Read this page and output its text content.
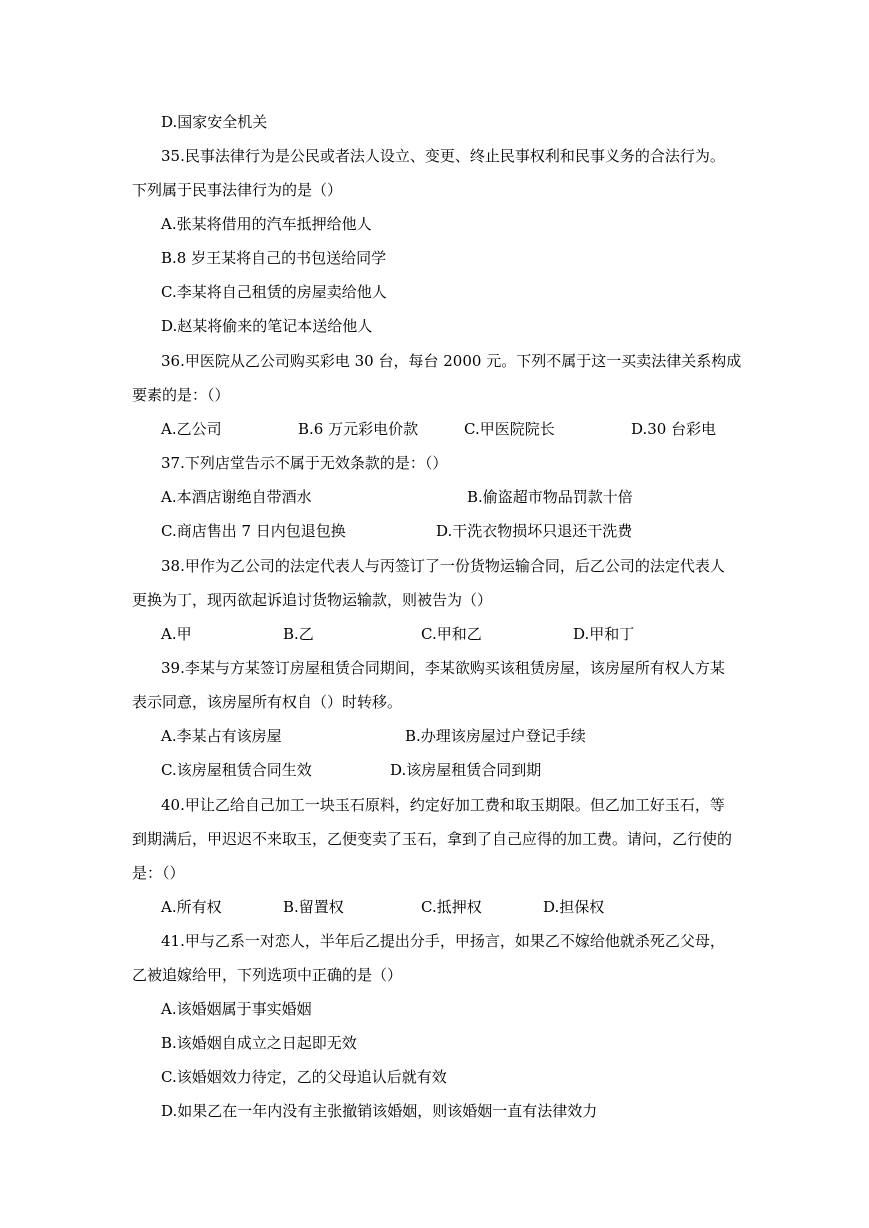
D.国家安全机关
35.民事法律行为是公民或者法人设立、变更、终止民事权利和民事义务的合法行为。
下列属于民事法律行为的是（）
A.张某将借用的汽车抵押给他人
B.8 岁王某将自己的书包送给同学
C.李某将自己租赁的房屋卖给他人
D.赵某将偷来的笔记本送给他人
36.甲医院从乙公司购买彩电 30 台，每台 2000 元。下列不属于这一买卖法律关系构成
要素的是：（）
A.乙公司	B.6 万元彩电价款	C.甲医院院长	D.30 台彩电
37.下列店堂告示不属于无效条款的是：（）
A.本酒店谢绝自带酒水	B.偷盗超市物品罚款十倍
C.商店售出 7 日内包退包换	D.干洗衣物损坏只退还干洗费
38.甲作为乙公司的法定代表人与丙签订了一份货物运输合同，后乙公司的法定代表人
更换为丁，现丙欲起诉追讨货物运输款，则被告为（）
A.甲	B.乙	C.甲和乙	D.甲和丁
39.李某与方某签订房屋租赁合同期间，李某欲购买该租赁房屋，该房屋所有权人方某
表示同意，该房屋所有权自（）时转移。
A.李某占有该房屋	B.办理该房屋过户登记手续
C.该房屋租赁合同生效	D.该房屋租赁合同到期
40.甲让乙给自己加工一块玉石原料，约定好加工费和取玉期限。但乙加工好玉石，等
到期满后，甲迟迟不来取玉，乙便变卖了玉石，拿到了自己应得的加工费。请问，乙行使的
是：（）
A.所有权	B.留置权	C.抵押权	D.担保权
41.甲与乙系一对恋人，半年后乙提出分手，甲扬言，如果乙不嫁给他就杀死乙父母，
乙被追嫁给甲，下列选项中正确的是（）
A.该婚姻属于事实婚姻
B.该婚姻自成立之日起即无效
C.该婚姻效力待定，乙的父母追认后就有效
D.如果乙在一年内没有主张撤销该婚姻，则该婚姻一直有法律效力
